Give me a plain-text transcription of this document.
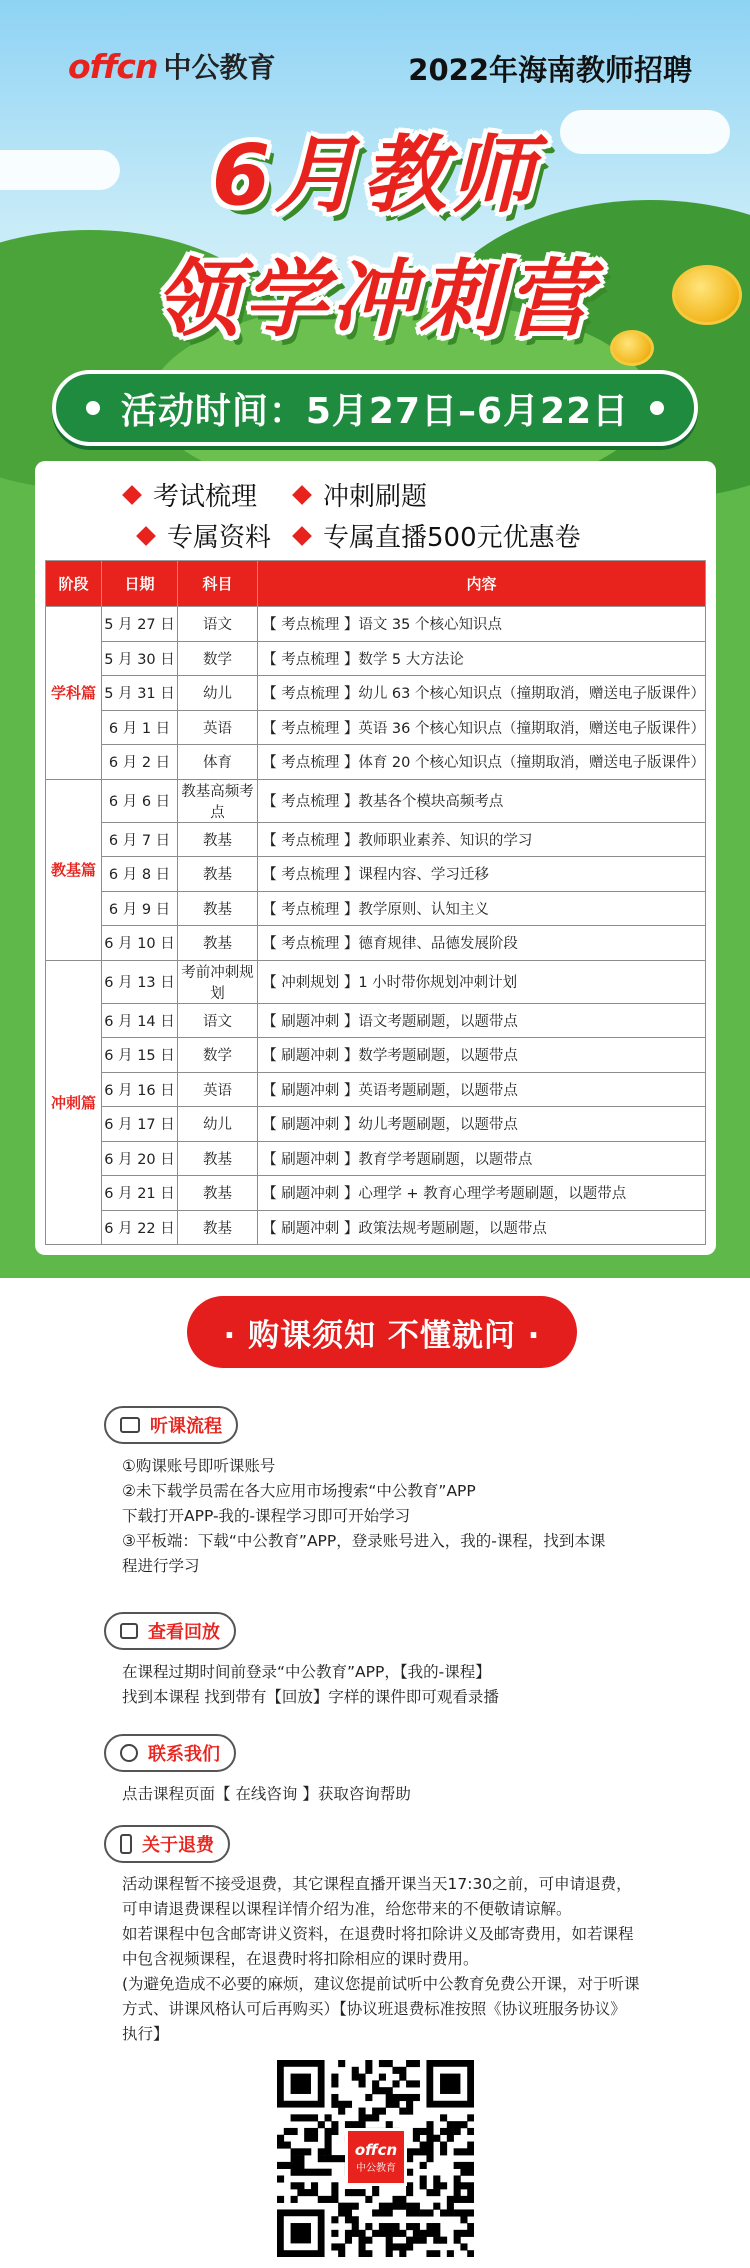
offcn 中公教育	2022年海南教师招聘
6月教师
领学冲刺营
活动时间：5月27日–6月22日
考试梳理	冲刺刷题
专属资料 专属直播500元优惠卷
阶段	日期	科目	内容
学科篇	5 月 27 日	语文	【 考点梳理 】语文 35 个核心知识点
	5 月 30 日	数学	【 考点梳理 】数学 5 大方法论
	5 月 31 日	幼儿	【 考点梳理 】幼儿 63 个核心知识点（撞期取消，赠送电子版课件）
	6 月 1 日	英语	【 考点梳理 】英语 36 个核心知识点（撞期取消，赠送电子版课件）
	6 月 2 日	体育	【 考点梳理 】体育 20 个核心知识点（撞期取消，赠送电子版课件）
教基篇	6 月 6 日	教基高频考点	【 考点梳理 】教基各个模块高频考点
	6 月 7 日	教基	【 考点梳理 】教师职业素养、知识的学习
	6 月 8 日	教基	【 考点梳理 】课程内容、学习迁移
	6 月 9 日	教基	【 考点梳理 】教学原则、认知主义
	6 月 10 日	教基	【 考点梳理 】德育规律、品德发展阶段
冲刺篇	6 月 13 日	考前冲刺规划	【 冲刺规划 】1 小时带你规划冲刺计划
	6 月 14 日	语文	【 刷题冲刺 】语文考题刷题，以题带点
	6 月 15 日	数学	【 刷题冲刺 】数学考题刷题，以题带点
	6 月 16 日	英语	【 刷题冲刺 】英语考题刷题，以题带点
	6 月 17 日	幼儿	【 刷题冲刺 】幼儿考题刷题，以题带点
	6 月 20 日	教基	【 刷题冲刺 】教育学考题刷题，以题带点
	6 月 21 日	教基	【 刷题冲刺 】心理学 + 教育心理学考题刷题，以题带点
	6 月 22 日	教基	【 刷题冲刺 】政策法规考题刷题，以题带点
· 购课须知 不懂就问 ·
听课流程
①购课账号即听课账号
②未下载学员需在各大应用市场搜索“中公教育”APP
下载打开APP-我的-课程学习即可开始学习
③平板端：下载“中公教育”APP，登录账号进入，我的-课程，找到本课
程进行学习
查看回放
在课程过期时间前登录“中公教育”APP，【我的-课程】
找到本课程 找到带有【回放】字样的课件即可观看录播
联系我们
点击课程页面【 在线咨询 】获取咨询帮助
关于退费
活动课程暂不接受退费，其它课程直播开课当天17:30之前，可申请退费，
可申请退费课程以课程详情介绍为准，给您带来的不便敬请谅解。
如若课程中包含邮寄讲义资料，在退费时将扣除讲义及邮寄费用，如若课程
中包含视频课程，在退费时将扣除相应的课时费用。
(为避免造成不必要的麻烦，建议您提前试听中公教育免费公开课，对于听课
方式、讲课风格认可后再购买）【协议班退费标准按照《协议班服务协议》
执行】
offcn
中公教育
